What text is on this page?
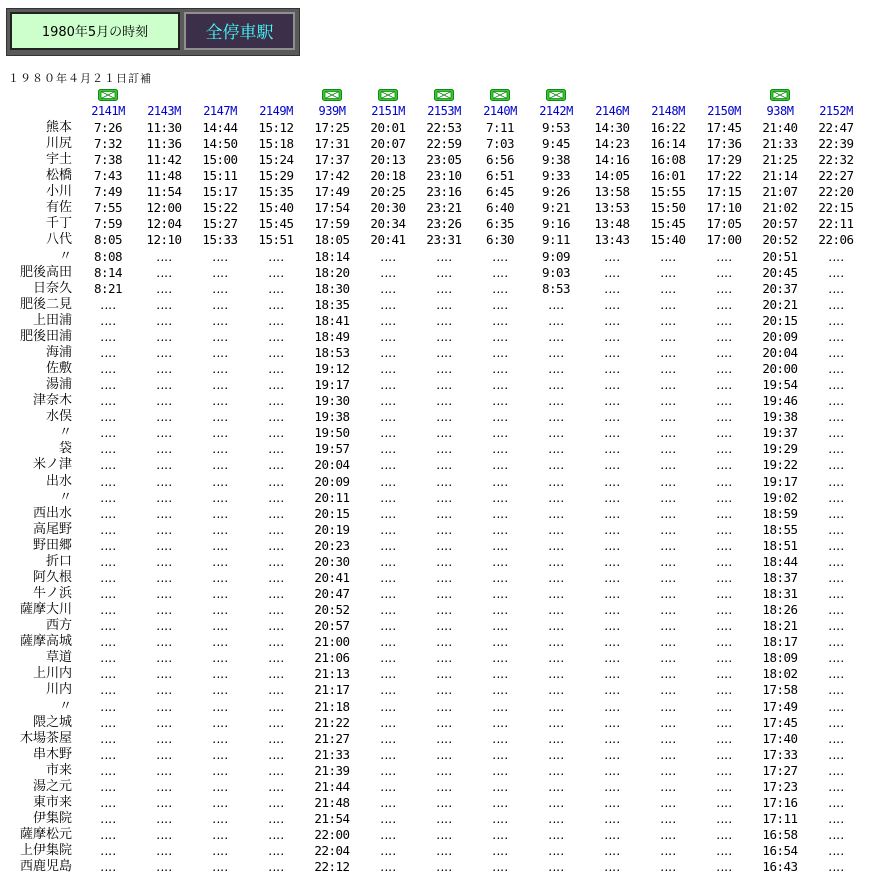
1980年5月の時刻	全停車駅
１９８０年４月２１日訂補
2141M	2143M	2147M	2149M	939M	2151M	2153M	2140M	2142M	2146M	2148M	2150M	938M	2152M
熊本	7:26	11:30	14:44	15:12	17:25	20:01	22:53	7:11	9:53	14:30	16:22	17:45	21:40	22:47
川尻	7:32	11:36	14:50	15:18	17:31	20:07	22:59	7:03	9:45	14:23	16:14	17:36	21:33	22:39
宇土	7:38	11:42	15:00	15:24	17:37	20:13	23:05	6:56	9:38	14:16	16:08	17:29	21:25	22:32
松橋	7:43	11:48	15:11	15:29	17:42	20:18	23:10	6:51	9:33	14:05	16:01	17:22	21:14	22:27
小川	7:49	11:54	15:17	15:35	17:49	20:25	23:16	6:45	9:26	13:58	15:55	17:15	21:07	22:20
有佐	7:55	12:00	15:22	15:40	17:54	20:30	23:21	6:40	9:21	13:53	15:50	17:10	21:02	22:15
千丁	7:59	12:04	15:27	15:45	17:59	20:34	23:26	6:35	9:16	13:48	15:45	17:05	20:57	22:11
八代	8:05	12:10	15:33	15:51	18:05	20:41	23:31	6:30	9:11	13:43	15:40	17:00	20:52	22:06
〃	8:08	‥‥	‥‥	‥‥	18:14	‥‥	‥‥	‥‥	9:09	‥‥	‥‥	‥‥	20:51	‥‥
肥後高田	8:14	‥‥	‥‥	‥‥	18:20	‥‥	‥‥	‥‥	9:03	‥‥	‥‥	‥‥	20:45	‥‥
日奈久	8:21	‥‥	‥‥	‥‥	18:30	‥‥	‥‥	‥‥	8:53	‥‥	‥‥	‥‥	20:37	‥‥
肥後二見	‥‥	‥‥	‥‥	‥‥	18:35	‥‥	‥‥	‥‥	‥‥	‥‥	‥‥	‥‥	20:21	‥‥
上田浦	‥‥	‥‥	‥‥	‥‥	18:41	‥‥	‥‥	‥‥	‥‥	‥‥	‥‥	‥‥	20:15	‥‥
肥後田浦	‥‥	‥‥	‥‥	‥‥	18:49	‥‥	‥‥	‥‥	‥‥	‥‥	‥‥	‥‥	20:09	‥‥
海浦	‥‥	‥‥	‥‥	‥‥	18:53	‥‥	‥‥	‥‥	‥‥	‥‥	‥‥	‥‥	20:04	‥‥
佐敷	‥‥	‥‥	‥‥	‥‥	19:12	‥‥	‥‥	‥‥	‥‥	‥‥	‥‥	‥‥	20:00	‥‥
湯浦	‥‥	‥‥	‥‥	‥‥	19:17	‥‥	‥‥	‥‥	‥‥	‥‥	‥‥	‥‥	19:54	‥‥
津奈木	‥‥	‥‥	‥‥	‥‥	19:30	‥‥	‥‥	‥‥	‥‥	‥‥	‥‥	‥‥	19:46	‥‥
水俣	‥‥	‥‥	‥‥	‥‥	19:38	‥‥	‥‥	‥‥	‥‥	‥‥	‥‥	‥‥	19:38	‥‥
〃	‥‥	‥‥	‥‥	‥‥	19:50	‥‥	‥‥	‥‥	‥‥	‥‥	‥‥	‥‥	19:37	‥‥
袋	‥‥	‥‥	‥‥	‥‥	19:57	‥‥	‥‥	‥‥	‥‥	‥‥	‥‥	‥‥	19:29	‥‥
米ノ津	‥‥	‥‥	‥‥	‥‥	20:04	‥‥	‥‥	‥‥	‥‥	‥‥	‥‥	‥‥	19:22	‥‥
出水	‥‥	‥‥	‥‥	‥‥	20:09	‥‥	‥‥	‥‥	‥‥	‥‥	‥‥	‥‥	19:17	‥‥
〃	‥‥	‥‥	‥‥	‥‥	20:11	‥‥	‥‥	‥‥	‥‥	‥‥	‥‥	‥‥	19:02	‥‥
西出水	‥‥	‥‥	‥‥	‥‥	20:15	‥‥	‥‥	‥‥	‥‥	‥‥	‥‥	‥‥	18:59	‥‥
高尾野	‥‥	‥‥	‥‥	‥‥	20:19	‥‥	‥‥	‥‥	‥‥	‥‥	‥‥	‥‥	18:55	‥‥
野田郷	‥‥	‥‥	‥‥	‥‥	20:23	‥‥	‥‥	‥‥	‥‥	‥‥	‥‥	‥‥	18:51	‥‥
折口	‥‥	‥‥	‥‥	‥‥	20:30	‥‥	‥‥	‥‥	‥‥	‥‥	‥‥	‥‥	18:44	‥‥
阿久根	‥‥	‥‥	‥‥	‥‥	20:41	‥‥	‥‥	‥‥	‥‥	‥‥	‥‥	‥‥	18:37	‥‥
牛ノ浜	‥‥	‥‥	‥‥	‥‥	20:47	‥‥	‥‥	‥‥	‥‥	‥‥	‥‥	‥‥	18:31	‥‥
薩摩大川	‥‥	‥‥	‥‥	‥‥	20:52	‥‥	‥‥	‥‥	‥‥	‥‥	‥‥	‥‥	18:26	‥‥
西方	‥‥	‥‥	‥‥	‥‥	20:57	‥‥	‥‥	‥‥	‥‥	‥‥	‥‥	‥‥	18:21	‥‥
薩摩高城	‥‥	‥‥	‥‥	‥‥	21:00	‥‥	‥‥	‥‥	‥‥	‥‥	‥‥	‥‥	18:17	‥‥
草道	‥‥	‥‥	‥‥	‥‥	21:06	‥‥	‥‥	‥‥	‥‥	‥‥	‥‥	‥‥	18:09	‥‥
上川内	‥‥	‥‥	‥‥	‥‥	21:13	‥‥	‥‥	‥‥	‥‥	‥‥	‥‥	‥‥	18:02	‥‥
川内	‥‥	‥‥	‥‥	‥‥	21:17	‥‥	‥‥	‥‥	‥‥	‥‥	‥‥	‥‥	17:58	‥‥
〃	‥‥	‥‥	‥‥	‥‥	21:18	‥‥	‥‥	‥‥	‥‥	‥‥	‥‥	‥‥	17:49	‥‥
隈之城	‥‥	‥‥	‥‥	‥‥	21:22	‥‥	‥‥	‥‥	‥‥	‥‥	‥‥	‥‥	17:45	‥‥
木場茶屋	‥‥	‥‥	‥‥	‥‥	21:27	‥‥	‥‥	‥‥	‥‥	‥‥	‥‥	‥‥	17:40	‥‥
串木野	‥‥	‥‥	‥‥	‥‥	21:33	‥‥	‥‥	‥‥	‥‥	‥‥	‥‥	‥‥	17:33	‥‥
市来	‥‥	‥‥	‥‥	‥‥	21:39	‥‥	‥‥	‥‥	‥‥	‥‥	‥‥	‥‥	17:27	‥‥
湯之元	‥‥	‥‥	‥‥	‥‥	21:44	‥‥	‥‥	‥‥	‥‥	‥‥	‥‥	‥‥	17:23	‥‥
東市来	‥‥	‥‥	‥‥	‥‥	21:48	‥‥	‥‥	‥‥	‥‥	‥‥	‥‥	‥‥	17:16	‥‥
伊集院	‥‥	‥‥	‥‥	‥‥	21:54	‥‥	‥‥	‥‥	‥‥	‥‥	‥‥	‥‥	17:11	‥‥
薩摩松元	‥‥	‥‥	‥‥	‥‥	22:00	‥‥	‥‥	‥‥	‥‥	‥‥	‥‥	‥‥	16:58	‥‥
上伊集院	‥‥	‥‥	‥‥	‥‥	22:04	‥‥	‥‥	‥‥	‥‥	‥‥	‥‥	‥‥	16:54	‥‥
西鹿児島	‥‥	‥‥	‥‥	‥‥	22:12	‥‥	‥‥	‥‥	‥‥	‥‥	‥‥	‥‥	16:43	‥‥
